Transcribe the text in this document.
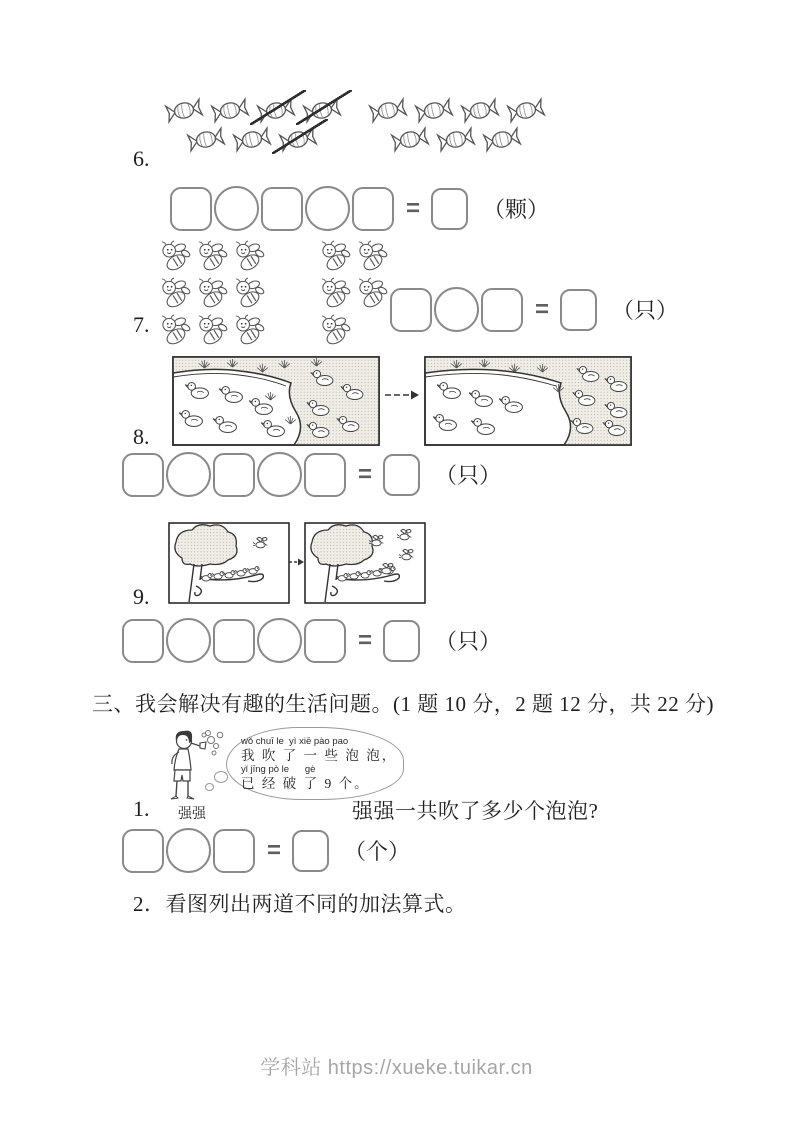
6.
=	（颗）
7.
=	（只）
8.
=	（只）
9.
=	（只）
三、我会解决有趣的生活问题。(1 题 10 分，2 题 12 分，共 22 分)
wǒ chuī le  yì xiē pào pao
我 吹 了 一 些 泡 泡，
yǐ jīng pò le      gè
已 经 破 了 9 个。
1. 强强	强强一共吹了多少个泡泡?
=	（个）
2．看图列出两道不同的加法算式。
学科站 https://xueke.tuikar.cn
